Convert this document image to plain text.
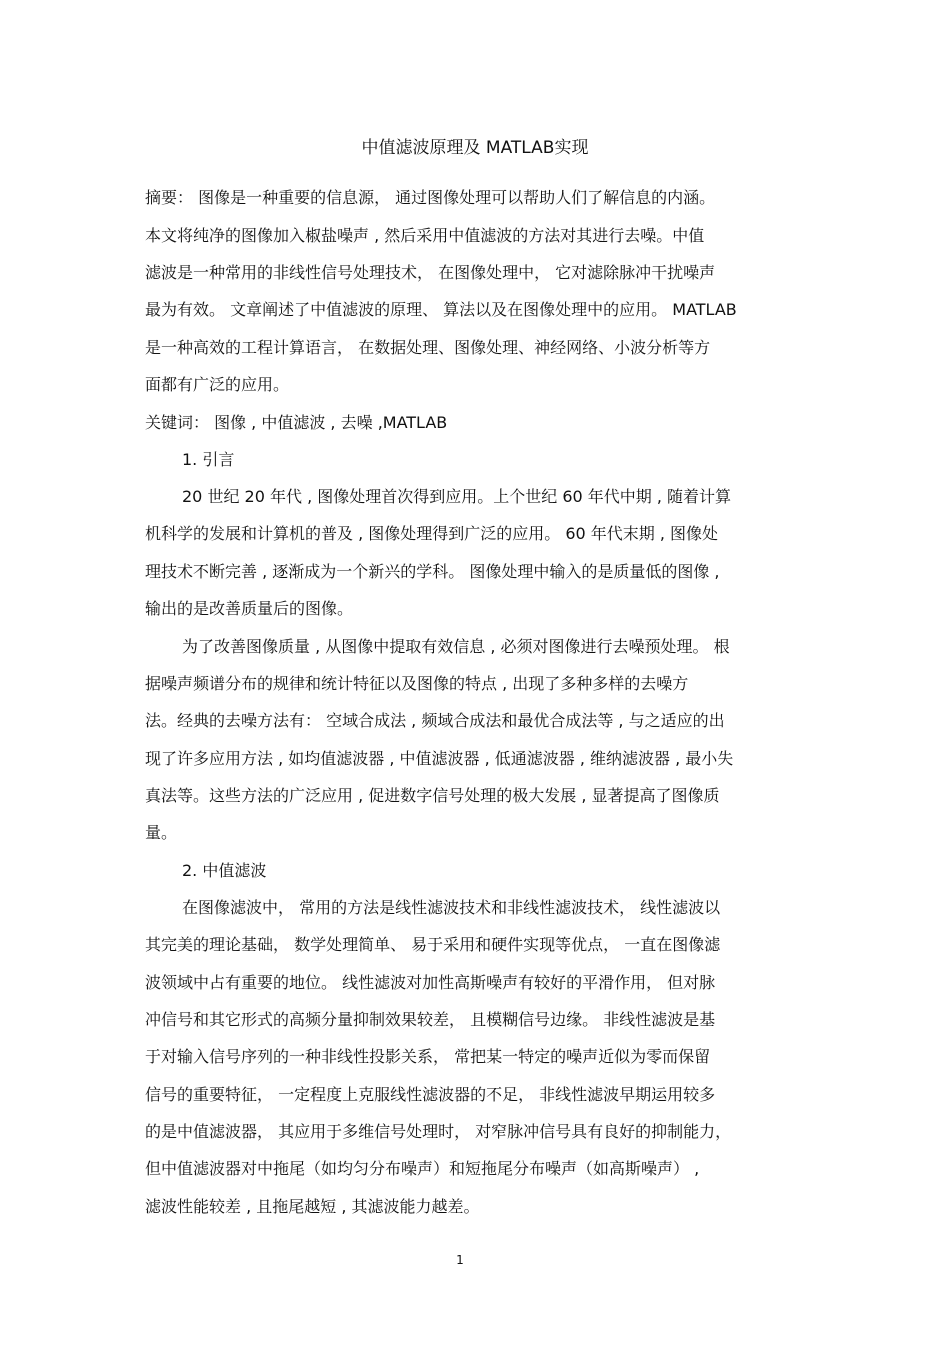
中值滤波原理及 MATLAB实现
摘要： 图像是一种重要的信息源， 通过图像处理可以帮助人们了解信息的内涵。
本文将纯净的图像加入椒盐噪声 , 然后采用中值滤波的方法对其进行去噪。中值
滤波是一种常用的非线性信号处理技术， 在图像处理中， 它对滤除脉冲干扰噪声
最为有效。 文章阐述了中值滤波的原理、 算法以及在图像处理中的应用。 MATLAB
是一种高效的工程计算语言， 在数据处理、图像处理、神经网络、小波分析等方
面都有广泛的应用。
关键词： 图像 , 中值滤波 , 去噪 ,MATLAB
1. 引言
20 世纪 20 年代 , 图像处理首次得到应用。上个世纪 60 年代中期 , 随着计算
机科学的发展和计算机的普及 , 图像处理得到广泛的应用。 60 年代末期 , 图像处
理技术不断完善 , 逐渐成为一个新兴的学科。 图像处理中输入的是质量低的图像 ,
输出的是改善质量后的图像。
为了改善图像质量 , 从图像中提取有效信息 , 必须对图像进行去噪预处理。 根
据噪声频谱分布的规律和统计特征以及图像的特点 , 出现了多种多样的去噪方
法。经典的去噪方法有： 空域合成法 , 频域合成法和最优合成法等 , 与之适应的出
现了许多应用方法 , 如均值滤波器 , 中值滤波器 , 低通滤波器 , 维纳滤波器 , 最小失
真法等。这些方法的广泛应用 , 促进数字信号处理的极大发展 , 显著提高了图像质
量。
2. 中值滤波
在图像滤波中， 常用的方法是线性滤波技术和非线性滤波技术， 线性滤波以
其完美的理论基础， 数学处理简单、 易于采用和硬件实现等优点， 一直在图像滤
波领域中占有重要的地位。 线性滤波对加性高斯噪声有较好的平滑作用， 但对脉
冲信号和其它形式的高频分量抑制效果较差， 且模糊信号边缘。 非线性滤波是基
于对输入信号序列的一种非线性投影关系， 常把某一特定的噪声近似为零而保留
信号的重要特征， 一定程度上克服线性滤波器的不足， 非线性滤波早期运用较多
的是中值滤波器， 其应用于多维信号处理时， 对窄脉冲信号具有良好的抑制能力，
但中值滤波器对中拖尾（如均匀分布噪声）和短拖尾分布噪声（如高斯噪声） ,
滤波性能较差 , 且拖尾越短 , 其滤波能力越差。
1
